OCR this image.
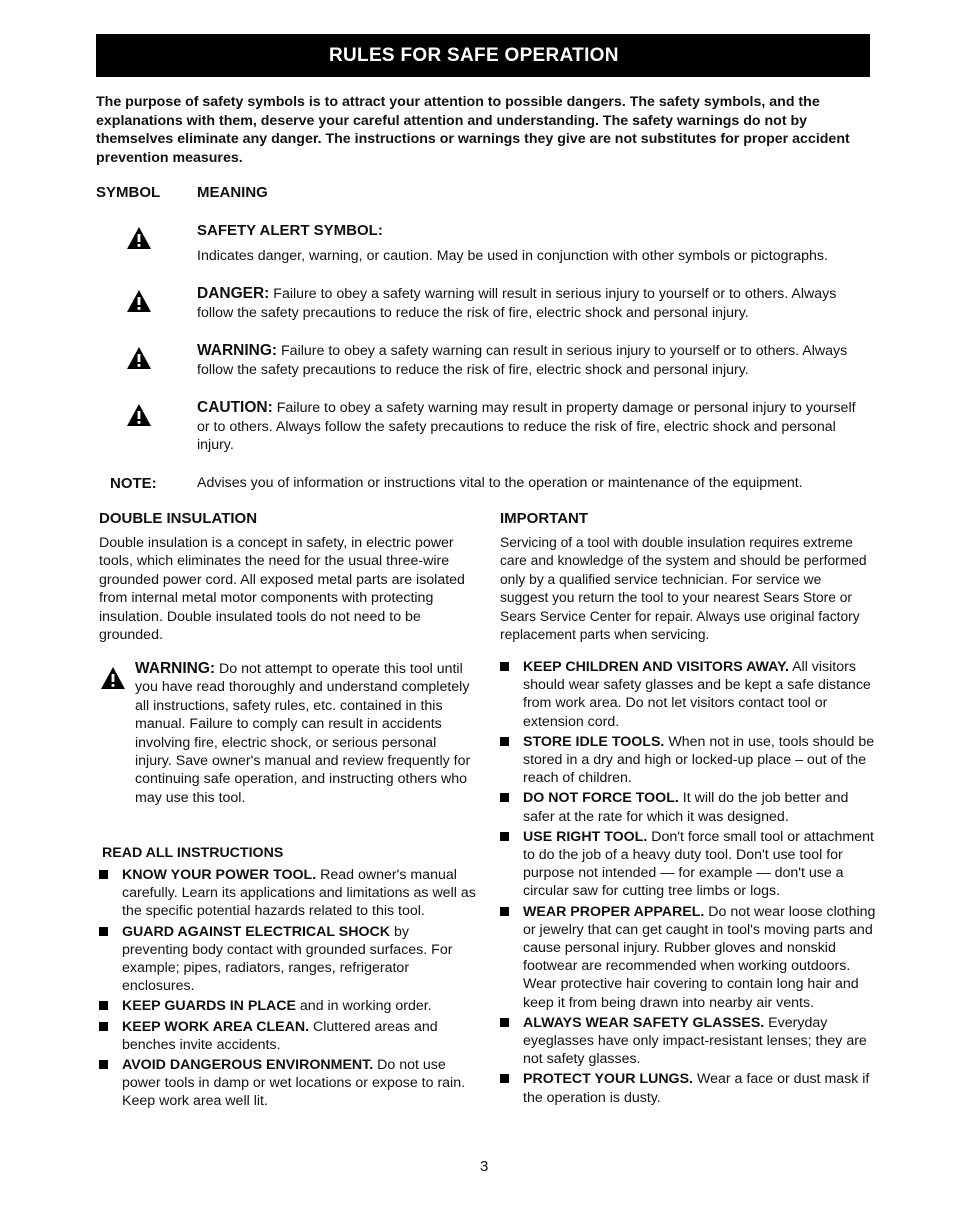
RULES FOR SAFE OPERATION
The purpose of safety symbols is to attract your attention to possible dangers. The safety symbols, and the explanations with them, deserve your careful attention and understanding. The safety warnings do not by themselves eliminate any danger. The instructions or warnings they give are not substitutes for proper accident prevention measures.
SYMBOL MEANING
SAFETY ALERT SYMBOL:
Indicates danger, warning, or caution. May be used in conjunction with other symbols or pictographs.
DANGER: Failure to obey a safety warning will result in serious injury to yourself or to others. Always follow the safety precautions to reduce the risk of fire, electric shock and personal injury.
WARNING: Failure to obey a safety warning can result in serious injury to yourself or to others. Always follow the safety precautions to reduce the risk of fire, electric shock and personal injury.
CAUTION: Failure to obey a safety warning may result in property damage or personal injury to yourself or to others. Always follow the safety precautions to reduce the risk of fire, electric shock and personal injury.
NOTE:	Advises you of information or instructions vital to the operation or maintenance of the equipment.
DOUBLE INSULATION
Double insulation is a concept in safety, in electric power tools, which eliminates the need for the usual three-wire grounded power cord. All exposed metal parts are isolated from internal metal motor components with protecting insulation. Double insulated tools do not need to be grounded.
WARNING: Do not attempt to operate this tool until you have read thoroughly and understand completely all instructions, safety rules, etc. contained in this manual. Failure to comply can result in accidents involving fire, electric shock, or serious personal injury. Save owner's manual and review frequently for continuing safe operation, and instructing others who may use this tool.
READ ALL INSTRUCTIONS
KNOW YOUR POWER TOOL. Read owner's manual carefully. Learn its applications and limitations as well as the specific potential hazards related to this tool.
GUARD AGAINST ELECTRICAL SHOCK by preventing body contact with grounded surfaces. For example; pipes, radiators, ranges, refrigerator enclosures.
KEEP GUARDS IN PLACE and in working order.
KEEP WORK AREA CLEAN. Cluttered areas and benches invite accidents.
AVOID DANGEROUS ENVIRONMENT. Do not use power tools in damp or wet locations or expose to rain. Keep work area well lit.
IMPORTANT
Servicing of a tool with double insulation requires extreme care and knowledge of the system and should be performed only by a qualified service technician. For service we suggest you return the tool to your nearest Sears Store or Sears Service Center for repair. Always use original factory replacement parts when servicing.
KEEP CHILDREN AND VISITORS AWAY. All visitors should wear safety glasses and be kept a safe distance from work area. Do not let visitors contact tool or extension cord.
STORE IDLE TOOLS. When not in use, tools should be stored in a dry and high or locked-up place – out of the reach of children.
DO NOT FORCE TOOL. It will do the job better and safer at the rate for which it was designed.
USE RIGHT TOOL. Don't force small tool or attachment to do the job of a heavy duty tool. Don't use tool for purpose not intended — for example — don't use a circular saw for cutting tree limbs or logs.
WEAR PROPER APPAREL. Do not wear loose clothing or jewelry that can get caught in tool's moving parts and cause personal injury. Rubber gloves and nonskid footwear are recommended when working outdoors. Wear protective hair covering to contain long hair and keep it from being drawn into nearby air vents.
ALWAYS WEAR SAFETY GLASSES. Everyday eyeglasses have only impact-resistant lenses; they are not safety glasses.
PROTECT YOUR LUNGS. Wear a face or dust mask if the operation is dusty.
3
